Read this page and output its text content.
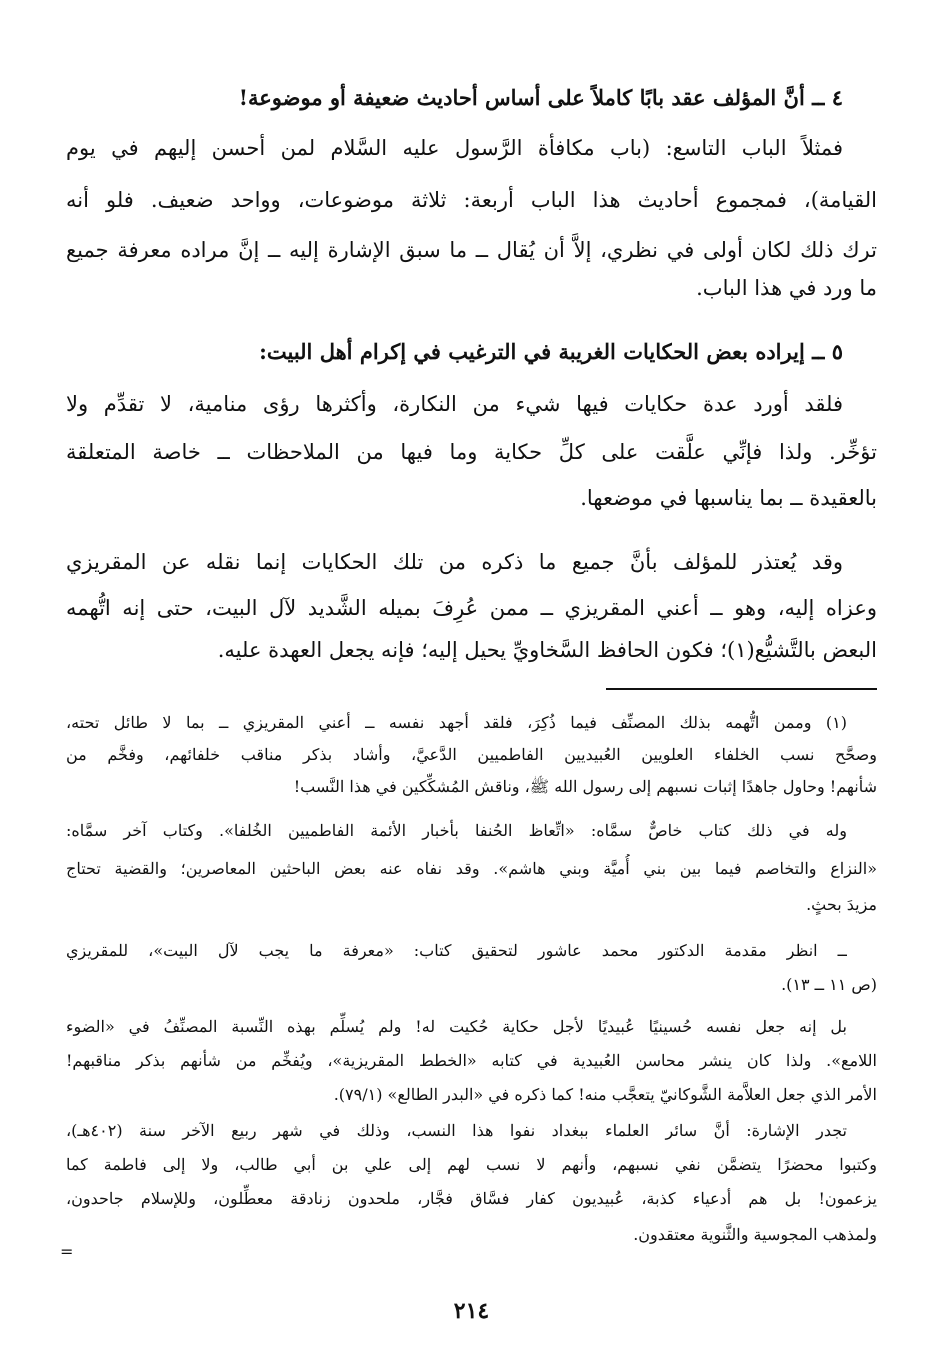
٤ ــ أنَّ المؤلف عقد بابًا كاملاً على أساس أحاديث ضعيفة أو موضوعة!
فمثلاً الباب التاسع: (باب مكافأة الرَّسول عليه السَّلام لمن أحسن إليهم في يوم
القيامة)، فمجموع أحاديث هذا الباب أربعة: ثلاثة موضوعات، وواحد ضعيف. فلو أنه
ترك ذلك لكان أولى في نظري، إلاَّ أن يُقال ــ ما سبق الإشارة إليه ــ إنَّ مراده معرفة جميع
ما ورد في هذا الباب.
٥ ــ إيراده بعض الحكايات الغريبة في الترغيب في إكرام أهل البيت:
فلقد أورد عدة حكايات فيها شيء من النكارة، وأكثرها رؤى منامية، لا تقدِّم ولا
تؤخِّر. ولذا فإنِّي علَّقت على كلِّ حكاية وما فيها من الملاحظات ــ خاصة المتعلقة
بالعقيدة ــ بما يناسبها في موضعها.
وقد يُعتذر للمؤلف بأنَّ جميع ما ذكره من تلك الحكايات إنما نقله عن المقريزي
وعزاه إليه، وهو ــ أعني المقريزي ــ ممن عُرِفَ بميله الشَّديد لآل البيت، حتى إنه اتُّهمه
البعض بالتَّشيُّع(١)؛ فكون الحافظ السَّخاويِّ يحيل إليه؛ فإنه يجعل العهدة عليه.
(١) وممن اتُّهمه بذلك المصنِّف فيما ذُكِرَ، فلقد أجهد نفسه ــ أعني المقريزي ــ بما لا طائل تحته،
وصحَّح نسب الخلفاء العلويين العُبيديين الفاطميين الدَّعيَّ، وأشاد بذكر مناقب خلفائهم، وفخَّم من
شأنهم! وحاول جاهدًا إثبات نسبهم إلى رسول الله ﷺ، وناقش المُشكِّكين في هذا النَّسب!
وله في ذلك كتاب خاصٌّ سمَّاه: «اتِّعاظ الحُنفا بأخبار الأئمة الفاطميين الخُلفا». وكتاب آخر سمَّاه:
«النزاع والتخاصم فيما بين بني أُميَّة وبني هاشم». وقد نفاه عنه بعض الباحثين المعاصرين؛ والقضية تحتاج
مزيدَ بحثٍ.
ــ انظر مقدمة الدكتور محمد عاشور لتحقيق كتاب: «معرفة ما يجب لآل البيت»، للمقريزي
(ص ١١ ــ ١٣).
بل إنه جعل نفسه حُسينيًا عُبيديًا لأجل حكاية حُكيت له! ولم يُسلِّم بهذه النِّسبة المصنِّفُ في «الضوء
اللامع». ولذا كان ينشر محاسن العُبيدية في كتابه «الخطط المقريزية»، ويُفخِّم من شأنهم بذكر مناقبهم!
الأمر الذي جعل العلاَّمة الشَّوكانيّ يتعجَّب منه! كما ذكره في «البدر الطالع» (٧٩/١).
تجدر الإشارة: أنَّ سائر العلماء ببغداد نفوا هذا النسب، وذلك في شهر ربيع الآخر سنة (٤٠٢هـ)،
وكتبوا محضرًا يتضمَّن نفي نسبهم، وأنهم لا نسب لهم إلى علي بن أبي طالب، ولا إلى فاطمة كما
يزعمون! بل هم أدعياء كذبة، عُبيديون كفار فسَّاق فجَّار، ملحدون زنادقة معطِّلون، وللإسلام جاحدون،
ولمذهب المجوسية والثَّنوية معتقدون.
=
٢١٤
